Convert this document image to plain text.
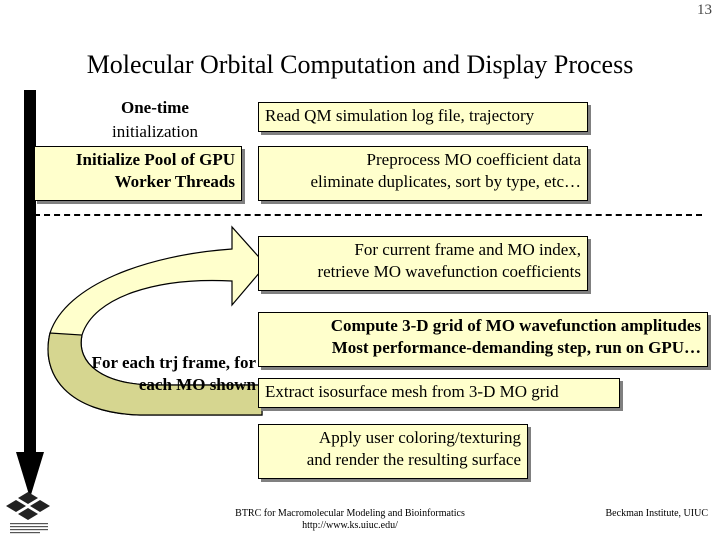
13
Molecular Orbital Computation and Display Process
One-time
initialization
Initialize Pool of GPU
Worker Threads
Read QM simulation log file, trajectory
Preprocess MO coefficient data
eliminate duplicates, sort by type, etc…
For current frame and MO index,
retrieve MO wavefunction coefficients
Compute 3-D grid of MO wavefunction amplitudes
Most performance-demanding step, run on GPU…
For each trj frame, for
each MO shown Extract isosurface mesh from 3-D MO grid
Apply user coloring/texturing
and render the resulting surface
BTRC for Macromolecular Modeling and Bioinformatics
http://www.ks.uiuc.edu/
Beckman Institute, UIUC
